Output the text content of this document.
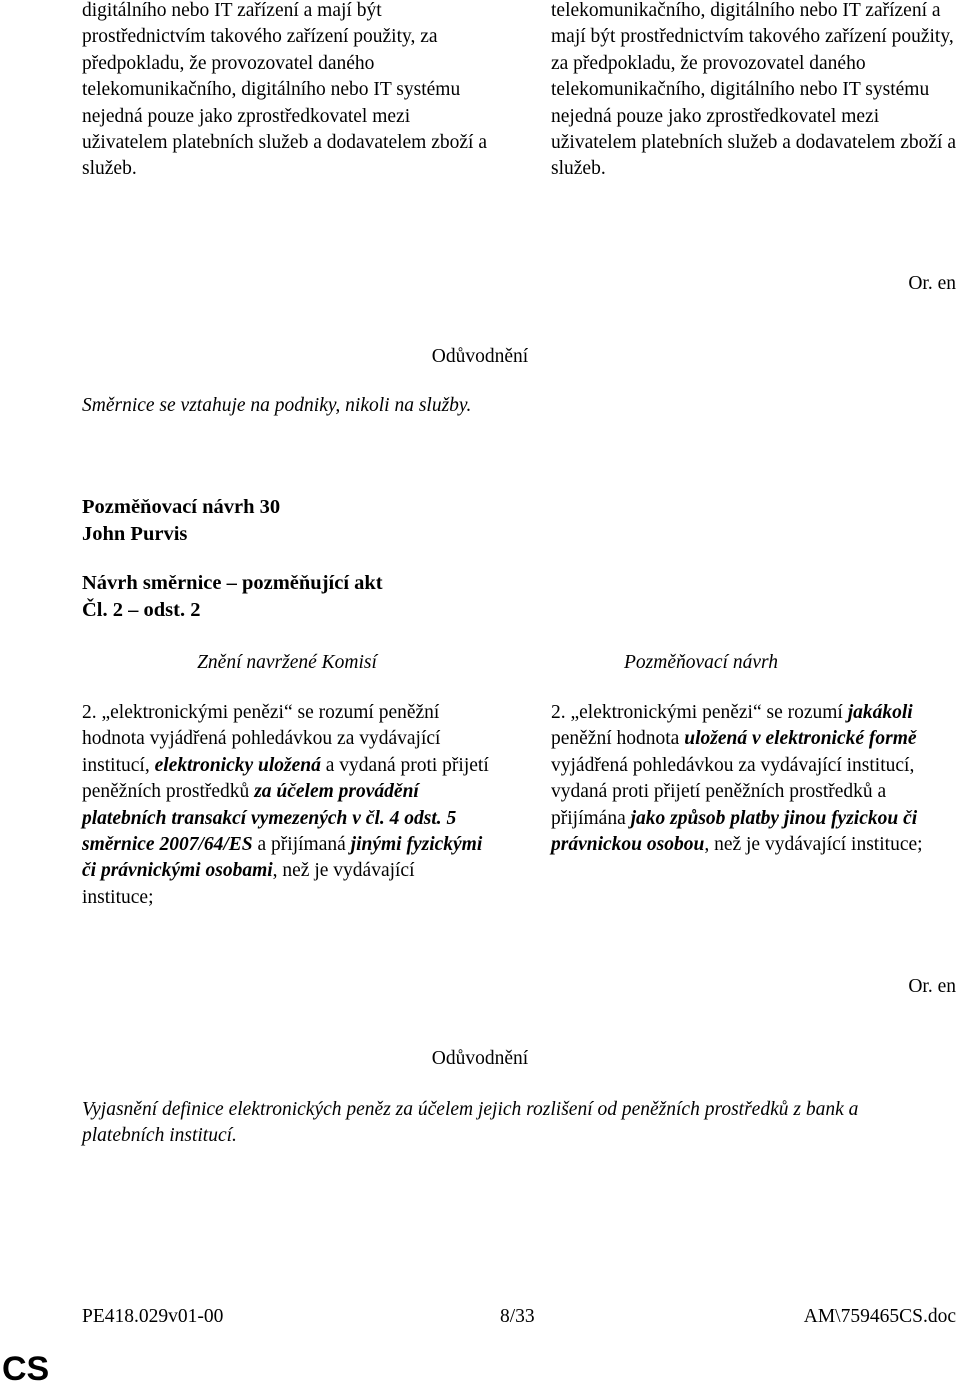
digitálního nebo IT zařízení a mají být prostřednictvím takového zařízení použity, za předpokladu, že provozovatel daného telekomunikačního, digitálního nebo IT systému nejedná pouze jako zprostředkovatel mezi uživatelem platebních služeb a dodavatelem zboží a služeb.

telekomunikačního, digitálního nebo IT zařízení a mají být prostřednictvím takového zařízení použity, za předpokladu, že provozovatel daného telekomunikačního, digitálního nebo IT systému nejedná pouze jako zprostředkovatel mezi uživatelem platebních služeb a dodavatelem zboží a služeb.

Or. en
Odůvodnění
Směrnice se vztahuje na podniky, nikoli na služby.
Pozměňovací návrh 30
John Purvis
Návrh směrnice – pozměňující akt
Čl. 2 – odst. 2
Znění navržené Komisí	Pozměňovací návrh

2. „elektronickými penězi“ se rozumí peněžní hodnota vyjádřená pohledávkou za vydávající institucí, elektronicky uložená a vydaná proti přijetí peněžních prostředků za účelem provádění platebních transakcí vymezených v čl. 4 odst. 5 směrnice 2007/64/ES a přijímaná jinými fyzickými či právnickými osobami, než je vydávající instituce;

2. „elektronickými penězi“ se rozumí jakákoli peněžní hodnota uložená v elektronické formě vyjádřená pohledávkou za vydávající institucí, vydaná proti přijetí peněžních prostředků a přijímána jako způsob platby jinou fyzickou či právnickou osobou, než je vydávající instituce;

Or. en
Odůvodnění

Vyjasnění definice elektronických peněz za účelem jejich rozlišení od peněžních prostředků z bank a platebních institucí.

PE418.029v01-00	8/33	AM\759465CS.doc
CS
